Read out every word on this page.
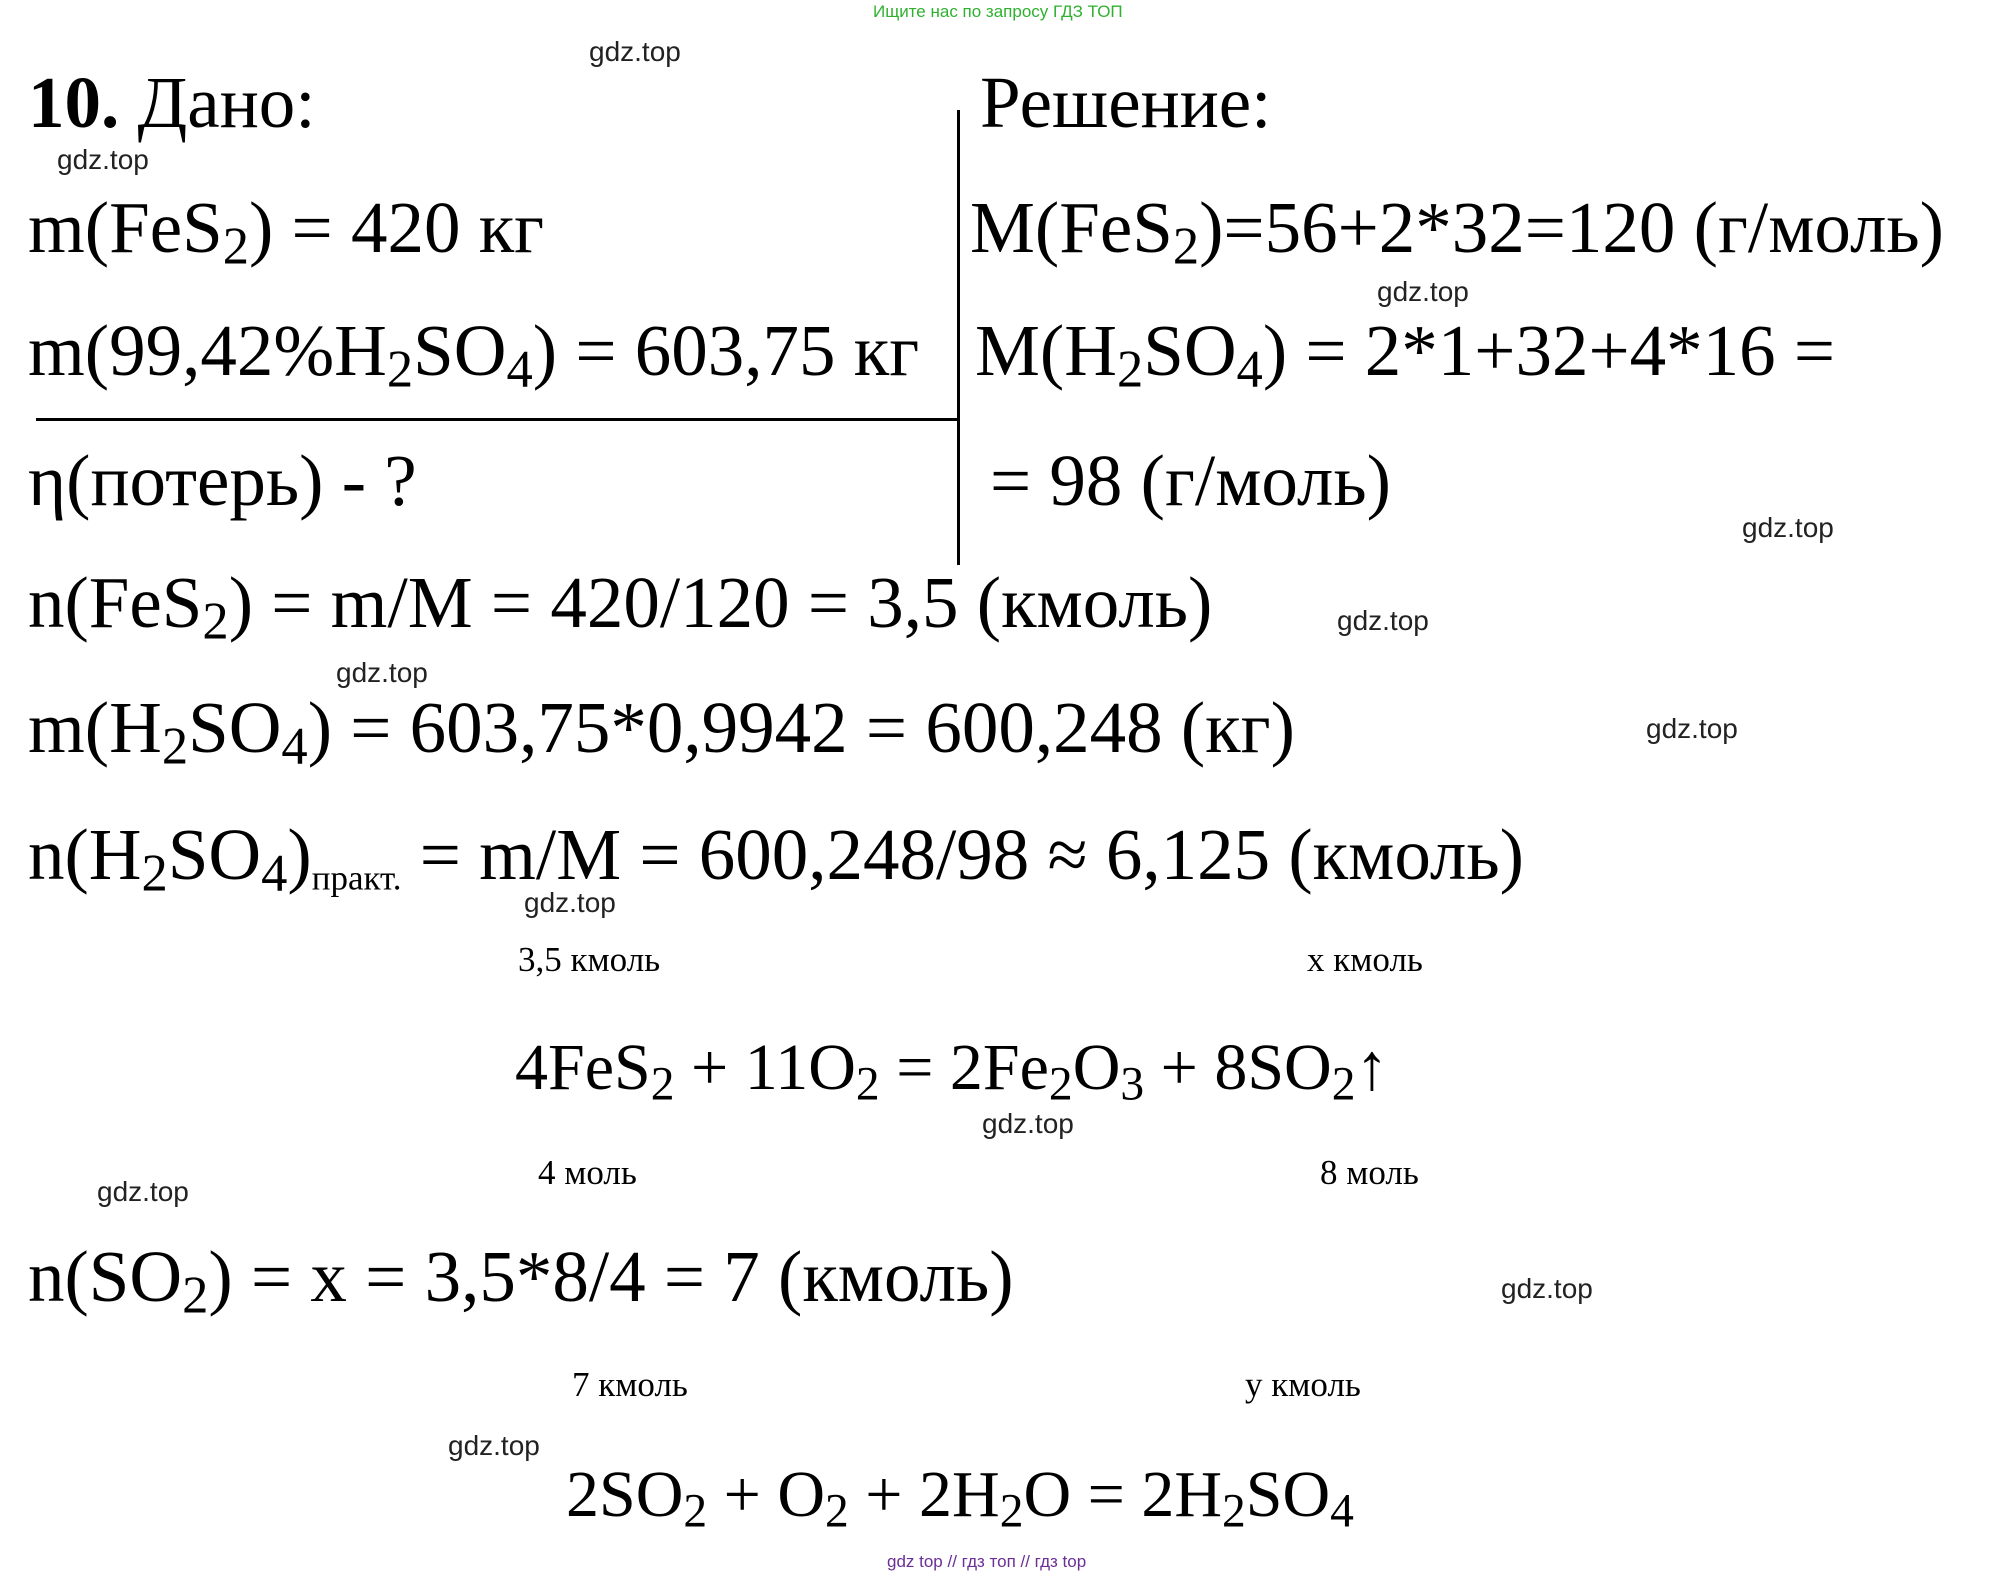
Ищите нас по запросу ГДЗ ТОП
gdz top // гдз топ // гдз top
gdz.top
gdz.top
gdz.top
gdz.top
gdz.top
gdz.top
gdz.top
gdz.top
gdz.top
gdz.top
gdz.top
gdz.top
10. Дано:
m(FeS$_2$) = 420 кг
$m(99,42\%H_2SO_4) = 603,75$ кг
η(потерь) - ?
Решение:
M(FeS$_2$)=56+2*32=120 (г/моль)
$M(H_2SO_4) = 2*1+32+4*16$ =
= 98 (г/моль)
n(FeS$_2$) = m/M = 420/120 = 3,5 (кмоль)
$m(H_2SO_4) = 603,75*0,9942 = 600,248$ (кг)
$n(H_2SO_4)практ$. = m/M = 600,248/98 ≈ 6,125 (кмоль)
3,5 кмоль	х кмоль
$4FeS_2 + 11O_2 = 2Fe_2O_3$ + $8SO_2↑$
4 моль	8 моль
$n(SO_2) = x = 3,5*8/4 = 7$ (кмоль)
7 кмоль	у кмоль
$2SO_2 + O_2 + 2H_2O = 2H_2SO_4$
